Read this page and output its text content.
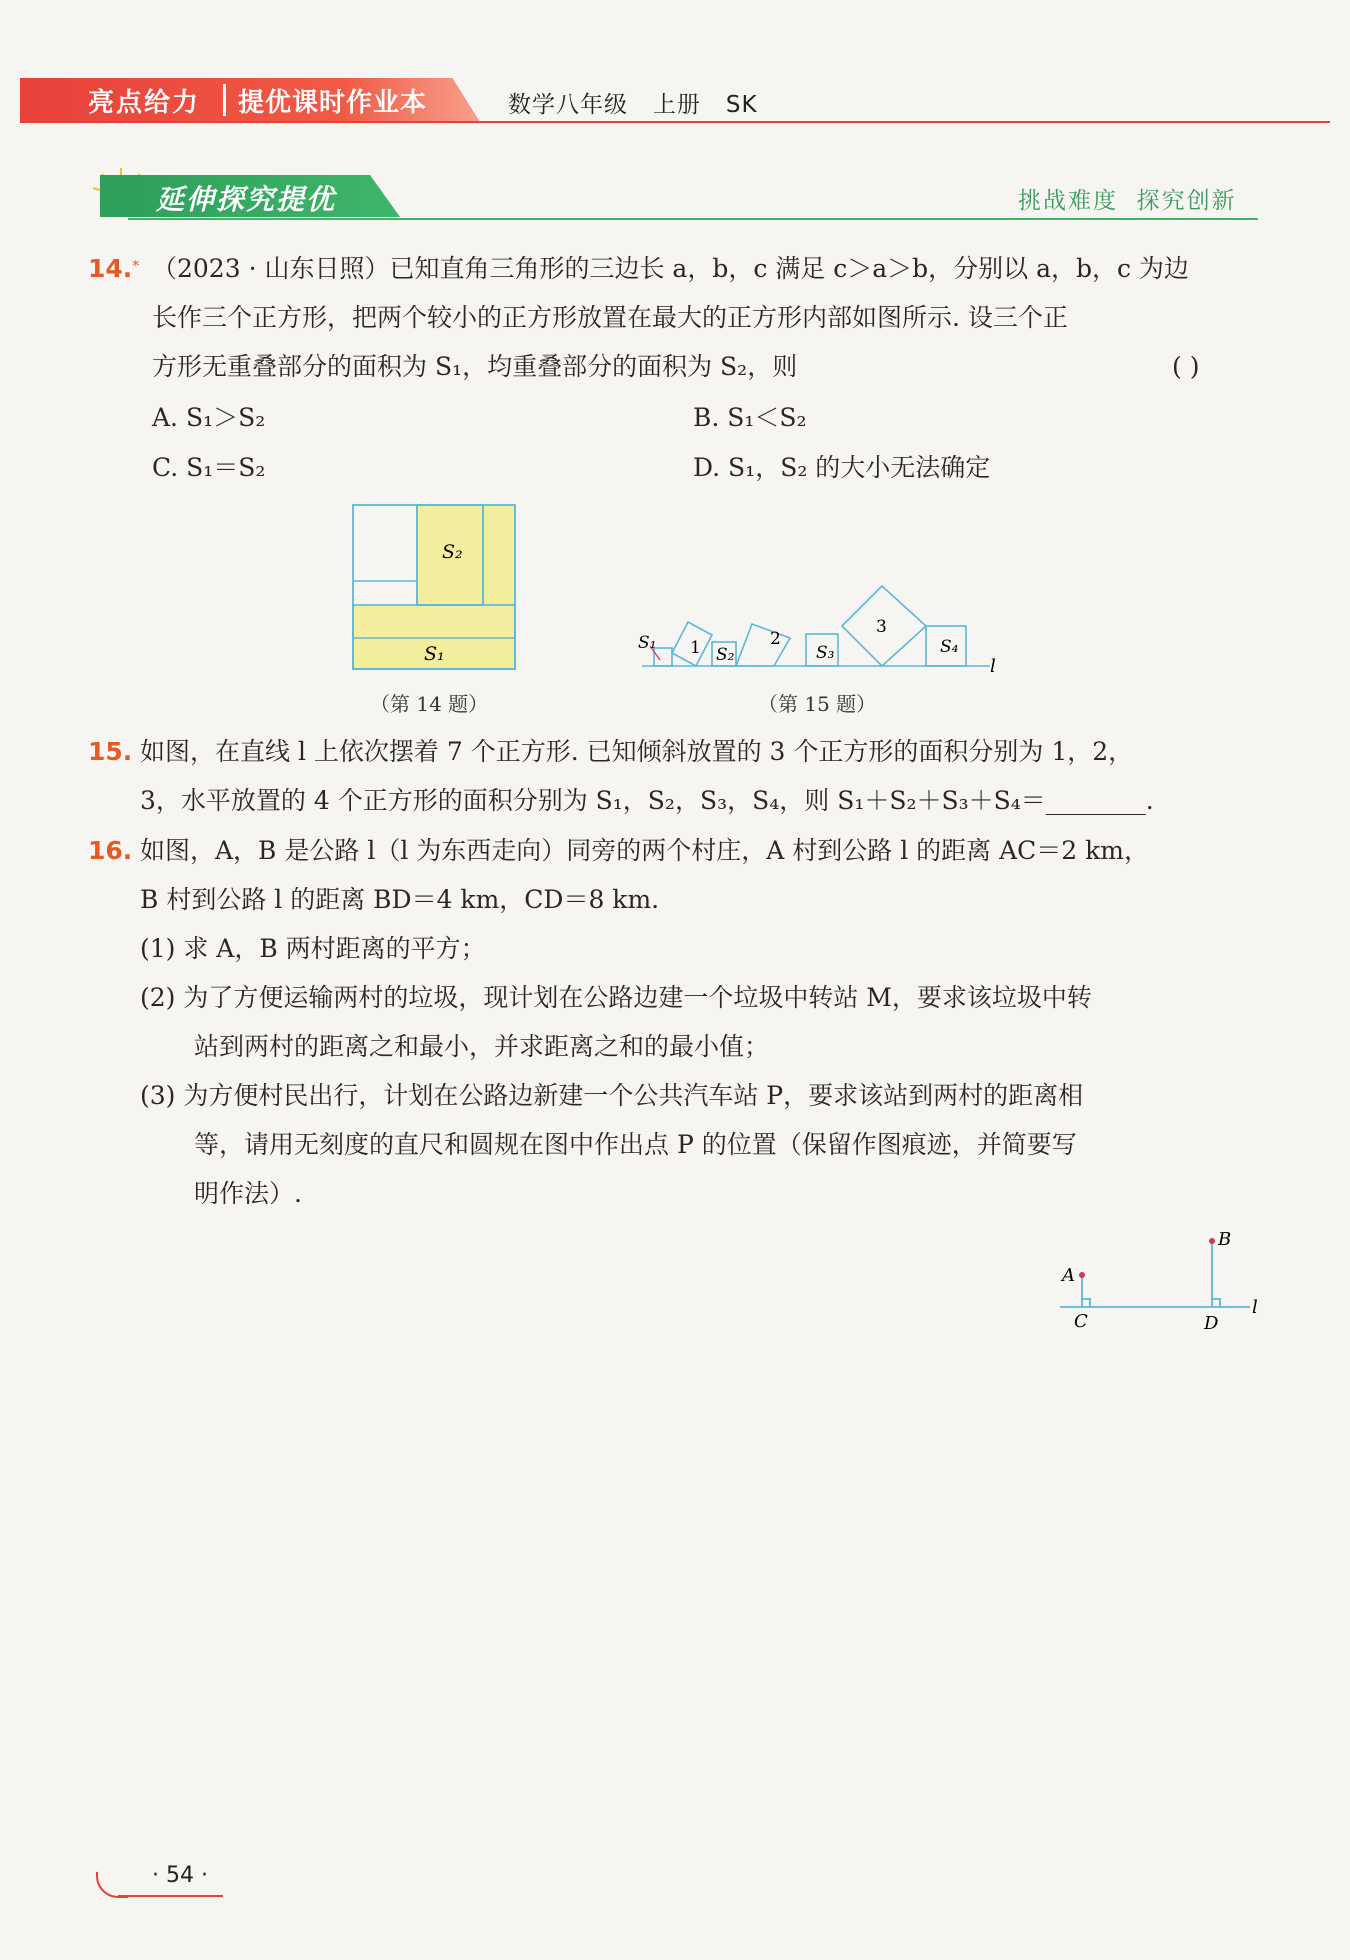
亮点给力 提优课时作业本	数学八年级   上册   SK
延伸探究提优	挑战难度  探究创新
14.* （2023 · 山东日照）已知直角三角形的三边长 a，b，c 满足 c＞a＞b，分别以 a，b，c 为边
长作三个正方形，把两个较小的正方形放置在最大的正方形内部如图所示. 设三个正
方形无重叠部分的面积为 S₁，均重叠部分的面积为 S₂，则	( )
A. S₁＞S₂	B. S₁＜S₂
C. S₁＝S₂	D. S₁，S₂ 的大小无法确定
S₂
S₁
（第 14 题）
S₁ 1 S₂
2
S₃
3
S₄
l
（第 15 题）
15. 如图，在直线 l 上依次摆着 7 个正方形. 已知倾斜放置的 3 个正方形的面积分别为 1，2，
3，水平放置的 4 个正方形的面积分别为 S₁，S₂，S₃，S₄，则 S₁＋S₂＋S₃＋S₄＝________.
16. 如图，A，B 是公路 l（l 为东西走向）同旁的两个村庄，A 村到公路 l 的距离 AC＝2 km，
B 村到公路 l 的距离 BD＝4 km，CD＝8 km.
(1) 求 A，B 两村距离的平方；
(2) 为了方便运输两村的垃圾，现计划在公路边建一个垃圾中转站 M，要求该垃圾中转
站到两村的距离之和最小，并求距离之和的最小值；
(3) 为方便村民出行，计划在公路边新建一个公共汽车站 P，要求该站到两村的距离相
等，请用无刻度的直尺和圆规在图中作出点 P 的位置（保留作图痕迹，并简要写
明作法）.
A
B
C	D
l
· 54 ·
